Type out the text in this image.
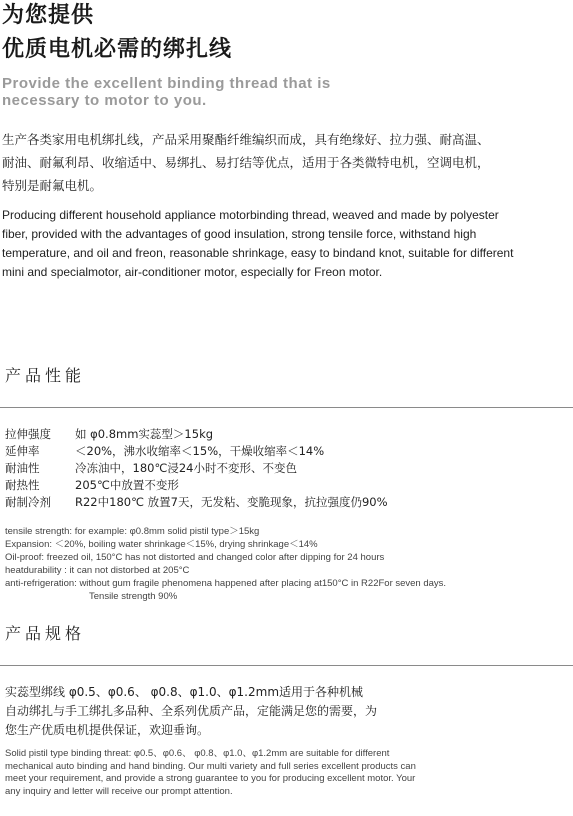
为您提供
优质电机必需的绑扎线
Provide the excellent binding thread that is
necessary to motor to you.
生产各类家用电机绑扎线，产品采用聚酯纤维编织而成，具有绝缘好、拉力强、耐高温、
耐油、耐氟利昂、收缩适中、易绑扎、易打结等优点，适用于各类微特电机，空调电机，
特别是耐氟电机。
Producing different household appliance motorbinding thread, weaved and made by polyester
fiber, provided with the advantages of good insulation, strong tensile force, withstand high
temperature, and oil and freon, reasonable shrinkage, easy to bindand knot, suitable for different
mini and specialmotor, air-conditioner motor, especially for Freon motor.
产品性能
拉伸强度 如 φ0.8mm实蕊型＞15kg
延伸率	＜20%，沸水收缩率＜15%，干燥收缩率＜14%
耐油性	冷冻油中，180℃浸24小时不変形、不变色
耐热性	205℃中放置不变形
耐制冷剂 R22中180℃ 放置7天，无发粘、变脆现象，抗拉强度仍90%
tensile strength: for example: φ0.8mm solid pistil type＞15kg
Expansion: ＜20%, boiling water shrinkage＜15%, drying shrinkage＜14%
Oil-proof: freezed oil, 150°C has not distorted and changed color after dipping for 24 hours
heatdurability : it can not distorbed at 205°C
anti-refrigeration: without gum fragile phenomena happened after placing at150°C in R22For seven days.
Tensile strength 90%
产品规格
实蕊型绑线 φ0.5、φ0.6、 φ0.8、φ1.0、φ1.2mm适用于各种机械
自动绑扎与手工绑扎多品种、全系列优质产品，定能满足您的需要，为
您生产优质电机提供保证，欢迎垂询。
Solid pistil type binding threat: φ0.5、φ0.6、 φ0.8、φ1.0、φ1.2mm are suitable for different
mechanical auto binding and hand binding. Our multi variety and full series excellent products can
meet your requirement, and provide a strong guarantee to you for producing excellent motor. Your
any inquiry and letter will receive our prompt attention.
